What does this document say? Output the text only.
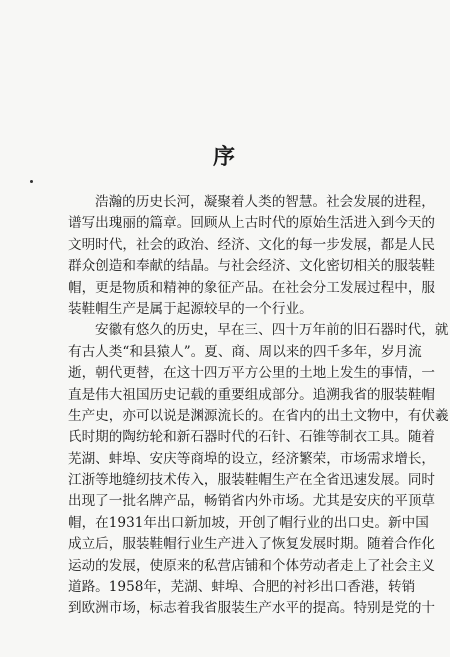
序
浩瀚的历史长河，凝聚着人类的智慧。社会发展的进程，
谱写出瑰丽的篇章。回顾从上古时代的原始生活进入到今天的
文明时代，社会的政治、经济、文化的每一步发展，都是人民
群众创造和奉献的结晶。与社会经济、文化密切相关的服装鞋
帽，更是物质和精神的象征产品。在社会分工发展过程中，服
装鞋帽生产是属于起源较早的一个行业。
安徽有悠久的历史，早在三、四十万年前的旧石器时代，就
有古人类“和县猿人”。夏、商、周以来的四千多年，岁月流
逝，朝代更替，在这十四万平方公里的土地上发生的事情，一
直是伟大祖国历史记载的重要组成部分。追溯我省的服装鞋帽
生产史，亦可以说是渊源流长的。在省内的出土文物中，有伏羲
氏时期的陶纺轮和新石器时代的石针、石锥等制衣工具。随着
芜湖、蚌埠、安庆等商埠的设立，经济繁荣，市场需求增长，
江浙等地缝纫技术传入，服装鞋帽生产在全省迅速发展。同时
出现了一批名牌产品，畅销省内外市场。尤其是安庆的平顶草
帽，在1931年出口新加坡，开创了帽行业的出口史。新中国
成立后，服装鞋帽行业生产进入了恢复发展时期。随着合作化
运动的发展，使原来的私营店铺和个体劳动者走上了社会主义
道路。1958年，芜湖、蚌埠、合肥的衬衫出口香港，转销
到欧洲市场，标志着我省服装生产水平的提高。特别是党的十
